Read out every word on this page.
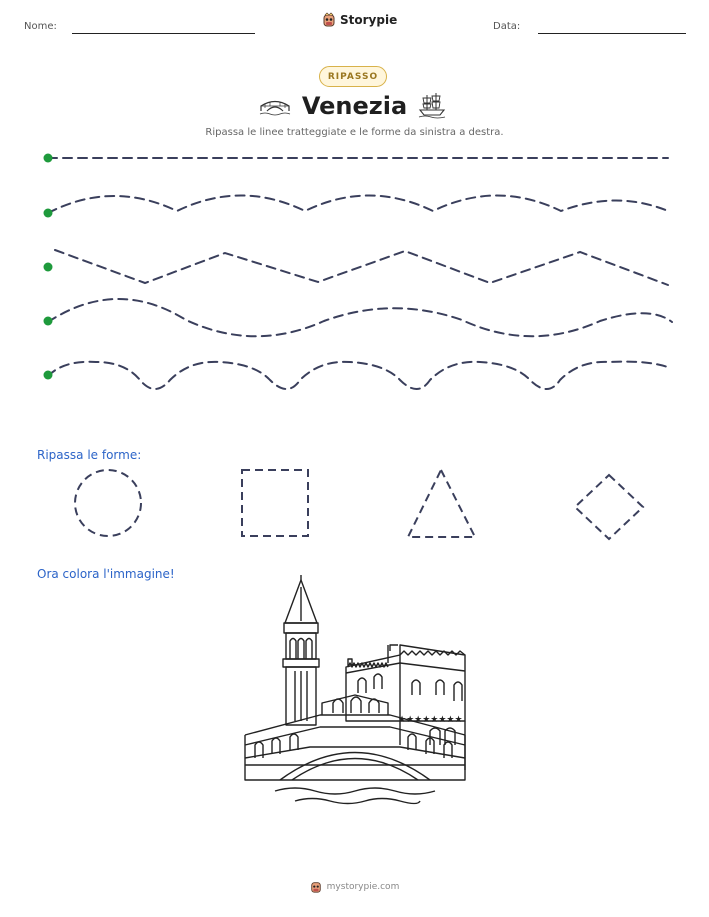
Nome:	Storypie	Data:
RIPASSO
Venezia
Ripassa le linee tratteggiate e le forme da sinistra a destra.
Ripassa le forme:
Ora colora l'immagine!
★★★★★★★★
mystorypie.com
